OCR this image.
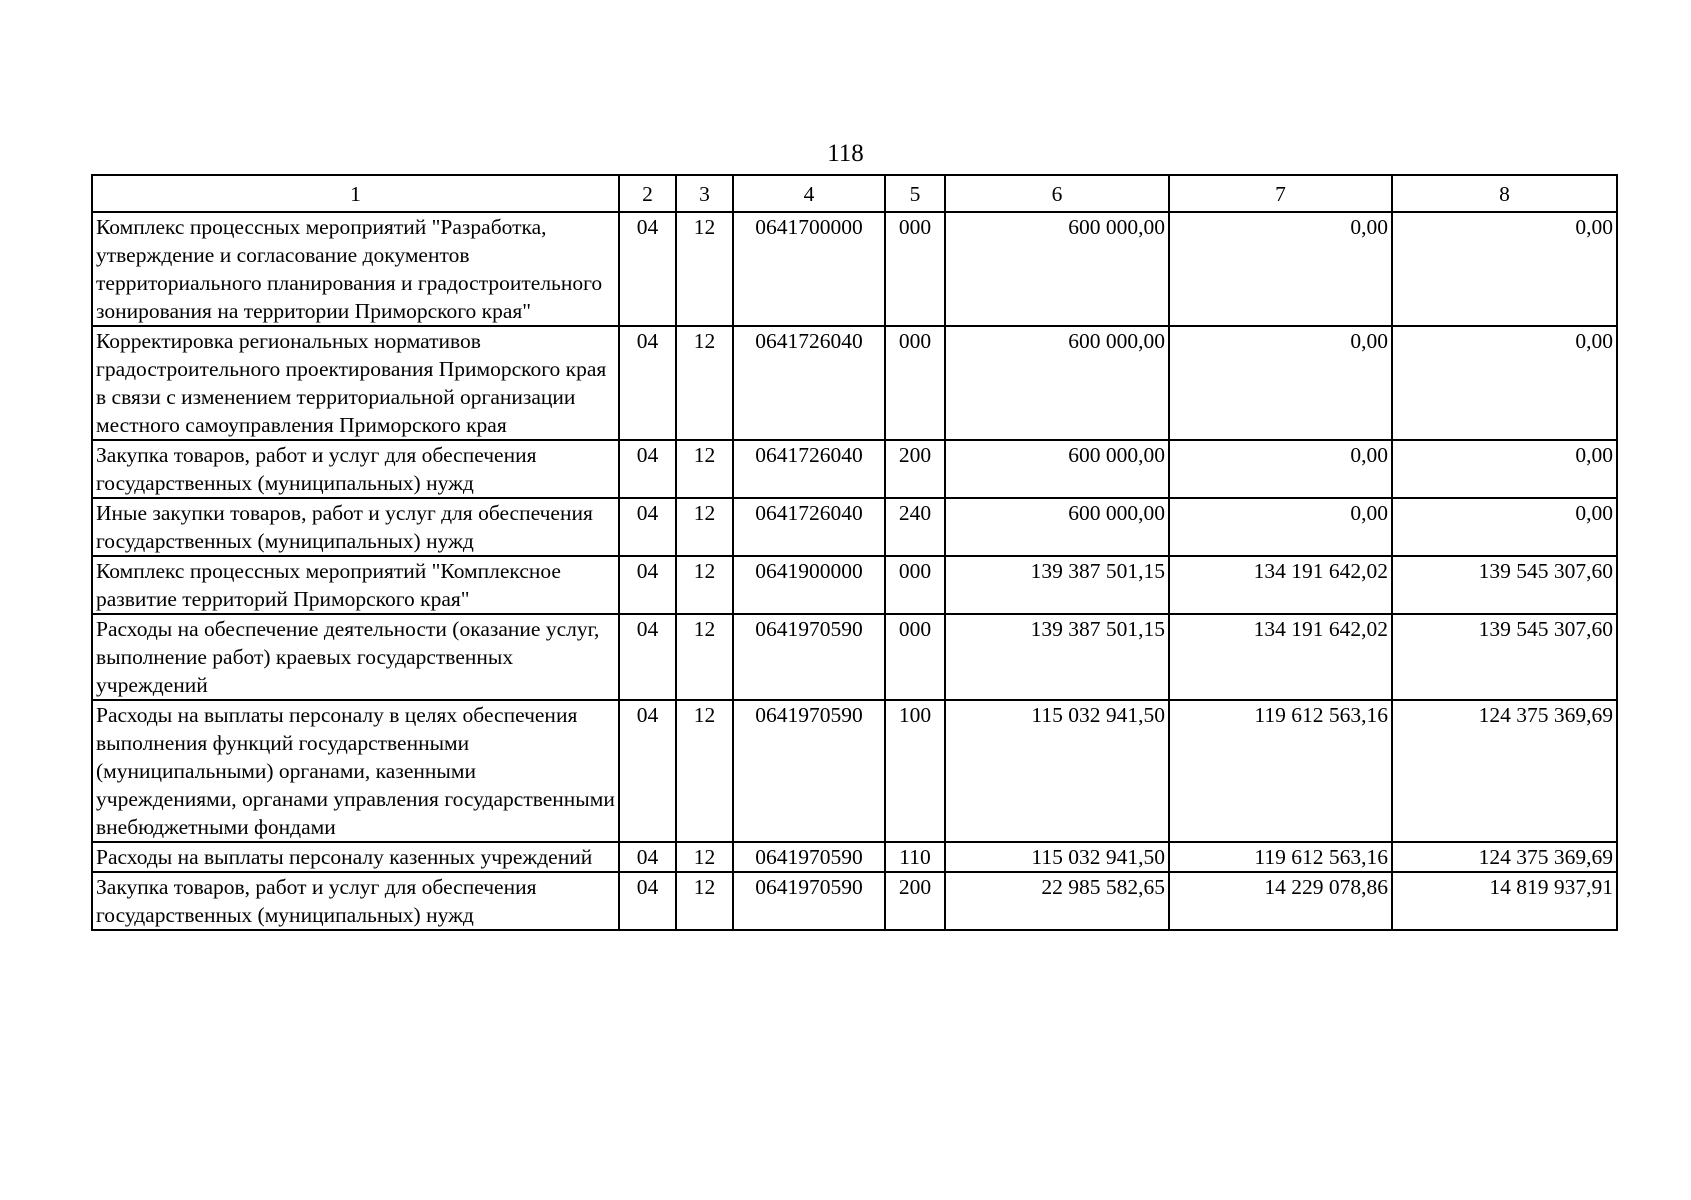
118
1	2	3	4	5	6	7	8
Комплекс процессных мероприятий "Разработка, утверждение и согласование документов территориального планирования и градостроительного зонирования на территории Приморского края"	04	12	0641700000	000	600 000,00	0,00	0,00
Корректировка региональных нормативов градостроительного проектирования Приморского края в связи с изменением территориальной организации местного самоуправления Приморского края	04	12	0641726040	000	600 000,00	0,00	0,00
Закупка товаров, работ и услуг для обеспечения государственных (муниципальных) нужд	04	12	0641726040	200	600 000,00	0,00	0,00
Иные закупки товаров, работ и услуг для обеспечения государственных (муниципальных) нужд	04	12	0641726040	240	600 000,00	0,00	0,00
Комплекс процессных мероприятий "Комплексное развитие территорий Приморского края"	04	12	0641900000	000	139 387 501,15	134 191 642,02	139 545 307,60
Расходы на обеспечение деятельности (оказание услуг, выполнение работ) краевых государственных учреждений	04	12	0641970590	000	139 387 501,15	134 191 642,02	139 545 307,60
Расходы на выплаты персоналу в целях обеспечения выполнения функций государственными (муниципальными) органами, казенными учреждениями, органами управления государственными внебюджетными фондами	04	12	0641970590	100	115 032 941,50	119 612 563,16	124 375 369,69
Расходы на выплаты персоналу казенных учреждений	04	12	0641970590	110	115 032 941,50	119 612 563,16	124 375 369,69
Закупка товаров, работ и услуг для обеспечения государственных (муниципальных) нужд	04	12	0641970590	200	22 985 582,65	14 229 078,86	14 819 937,91
